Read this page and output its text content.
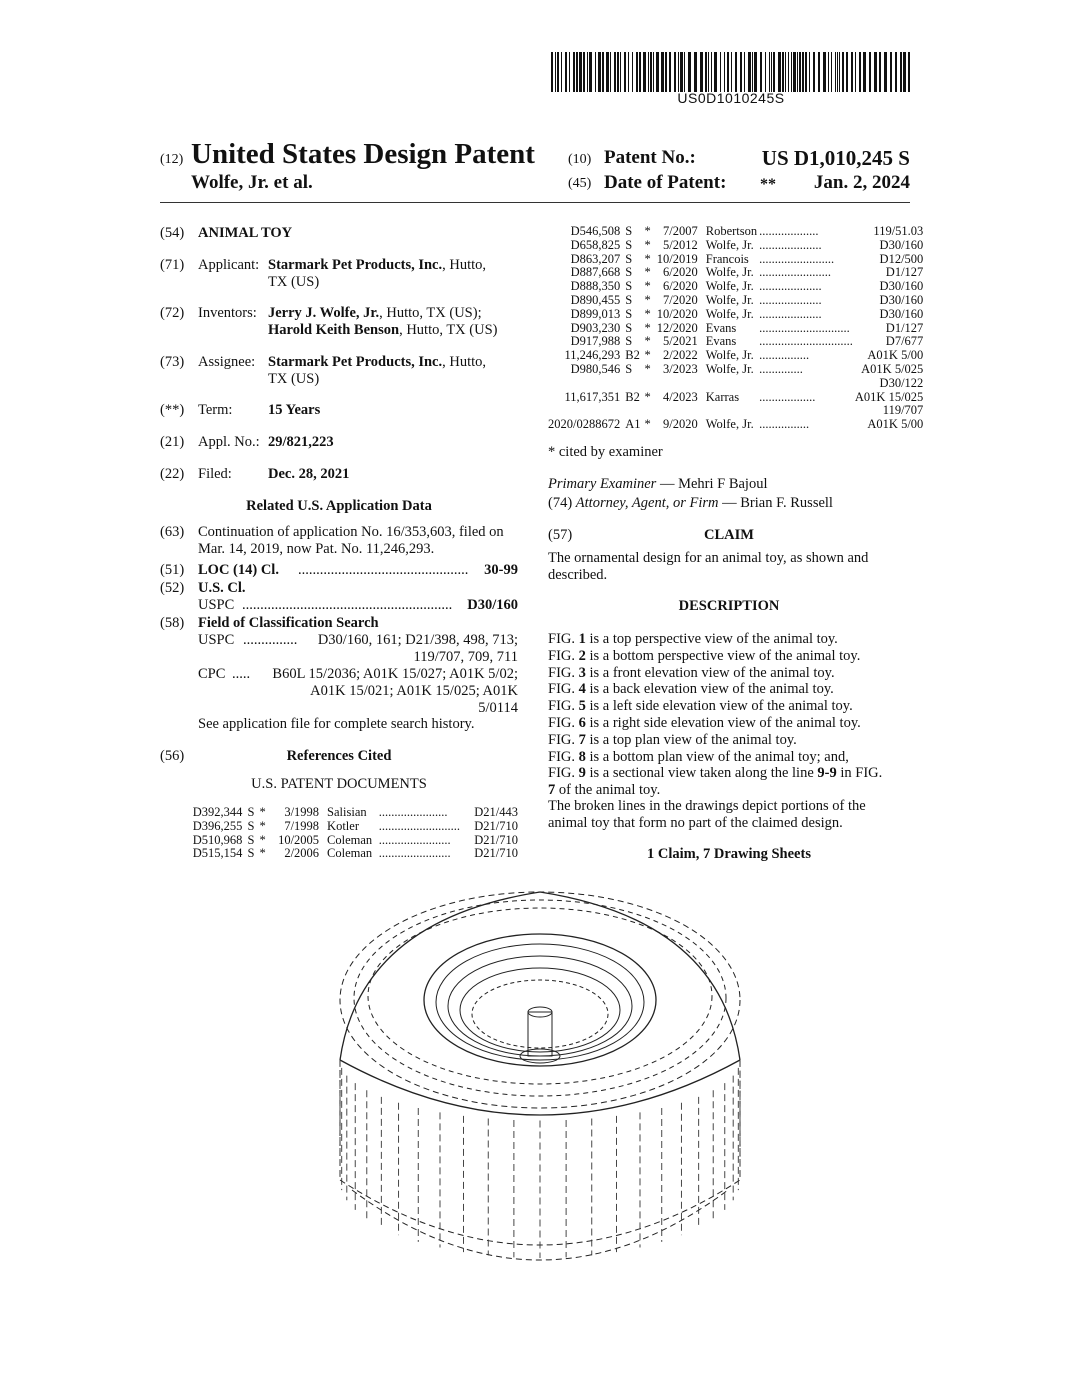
US0D1010245S
(12) United States Design Patent
Wolfe, Jr. et al.
(10) Patent No.:	US D1,010,245 S
(45) Date of Patent: **	Jan. 2, 2024
(54) ANIMAL TOY
(71) Applicant: Starmark Pet Products, Inc., Hutto,
TX (US)
(72) Inventors: Jerry J. Wolfe, Jr., Hutto, TX (US);
Harold Keith Benson, Hutto, TX (US)
(73) Assignee: Starmark Pet Products, Inc., Hutto,
TX (US)
(**) Term: 15 Years
(21) Appl. No.: 29/821,223
(22) Filed: Dec. 28, 2021
Related U.S. Application Data
(63) Continuation of application No. 16/353,603, filed on
Mar. 14, 2019, now Pat. No. 11,246,293.
(51) LOC (14) Cl. ...............................................	30-99
(52) U.S. Cl.
USPC ..........................................................	D30/160
(58) Field of Classification Search
USPC ...............	D30/160, 161; D21/398, 498, 713;
119/707, 709, 711
CPC .....	B60L 15/2036; A01K 15/027; A01K 5/02;
A01K 15/021; A01K 15/025; A01K
5/0114
See application file for complete search history.
(56)	References Cited
U.S. PATENT DOCUMENTS
D392,344	S	*	3/1998	Salisian	......................	D21/443
D396,255	S	*	7/1998	Kotler	..........................	D21/710
D510,968	S	*	10/2005	Coleman	.......................	D21/710
D515,154	S	*	2/2006	Coleman	.......................	D21/710
D546,508	S	*	7/2007	Robertson	...................	119/51.03
D658,825	S	*	5/2012	Wolfe, Jr.	....................	D30/160
D863,207	S	*	10/2019	Francois	........................	D12/500
D887,668	S	*	6/2020	Wolfe, Jr.	.......................	D1/127
D888,350	S	*	6/2020	Wolfe, Jr.	....................	D30/160
D890,455	S	*	7/2020	Wolfe, Jr.	....................	D30/160
D899,013	S	*	10/2020	Wolfe, Jr.	....................	D30/160
D903,230	S	*	12/2020	Evans	.............................	D1/127
D917,988	S	*	5/2021	Evans	..............................	D7/677
11,246,293	B2	*	2/2022	Wolfe, Jr.	................	A01K 5/00
D980,546	S	*	3/2023	Wolfe, Jr.	..............	A01K 5/025
D30/122						
11,617,351	B2	*	4/2023	Karras	..................	A01K 15/025
119/707						
2020/0288672	A1	*	9/2020	Wolfe, Jr.	................	A01K 5/00
* cited by examiner
Primary Examiner — Mehri F Bajoul
(74) Attorney, Agent, or Firm — Brian F. Russell
(57)	CLAIM
The ornamental design for an animal toy, as shown and
described.
DESCRIPTION
FIG. 1 is a top perspective view of the animal toy.
FIG. 2 is a bottom perspective view of the animal toy.
FIG. 3 is a front elevation view of the animal toy.
FIG. 4 is a back elevation view of the animal toy.
FIG. 5 is a left side elevation view of the animal toy.
FIG. 6 is a right side elevation view of the animal toy.
FIG. 7 is a top plan view of the animal toy.
FIG. 8 is a bottom plan view of the animal toy; and,
FIG. 9 is a sectional view taken along the line 9-9 in FIG.
7 of the animal toy.
The broken lines in the drawings depict portions of the
animal toy that form no part of the claimed design.
1 Claim, 7 Drawing Sheets
